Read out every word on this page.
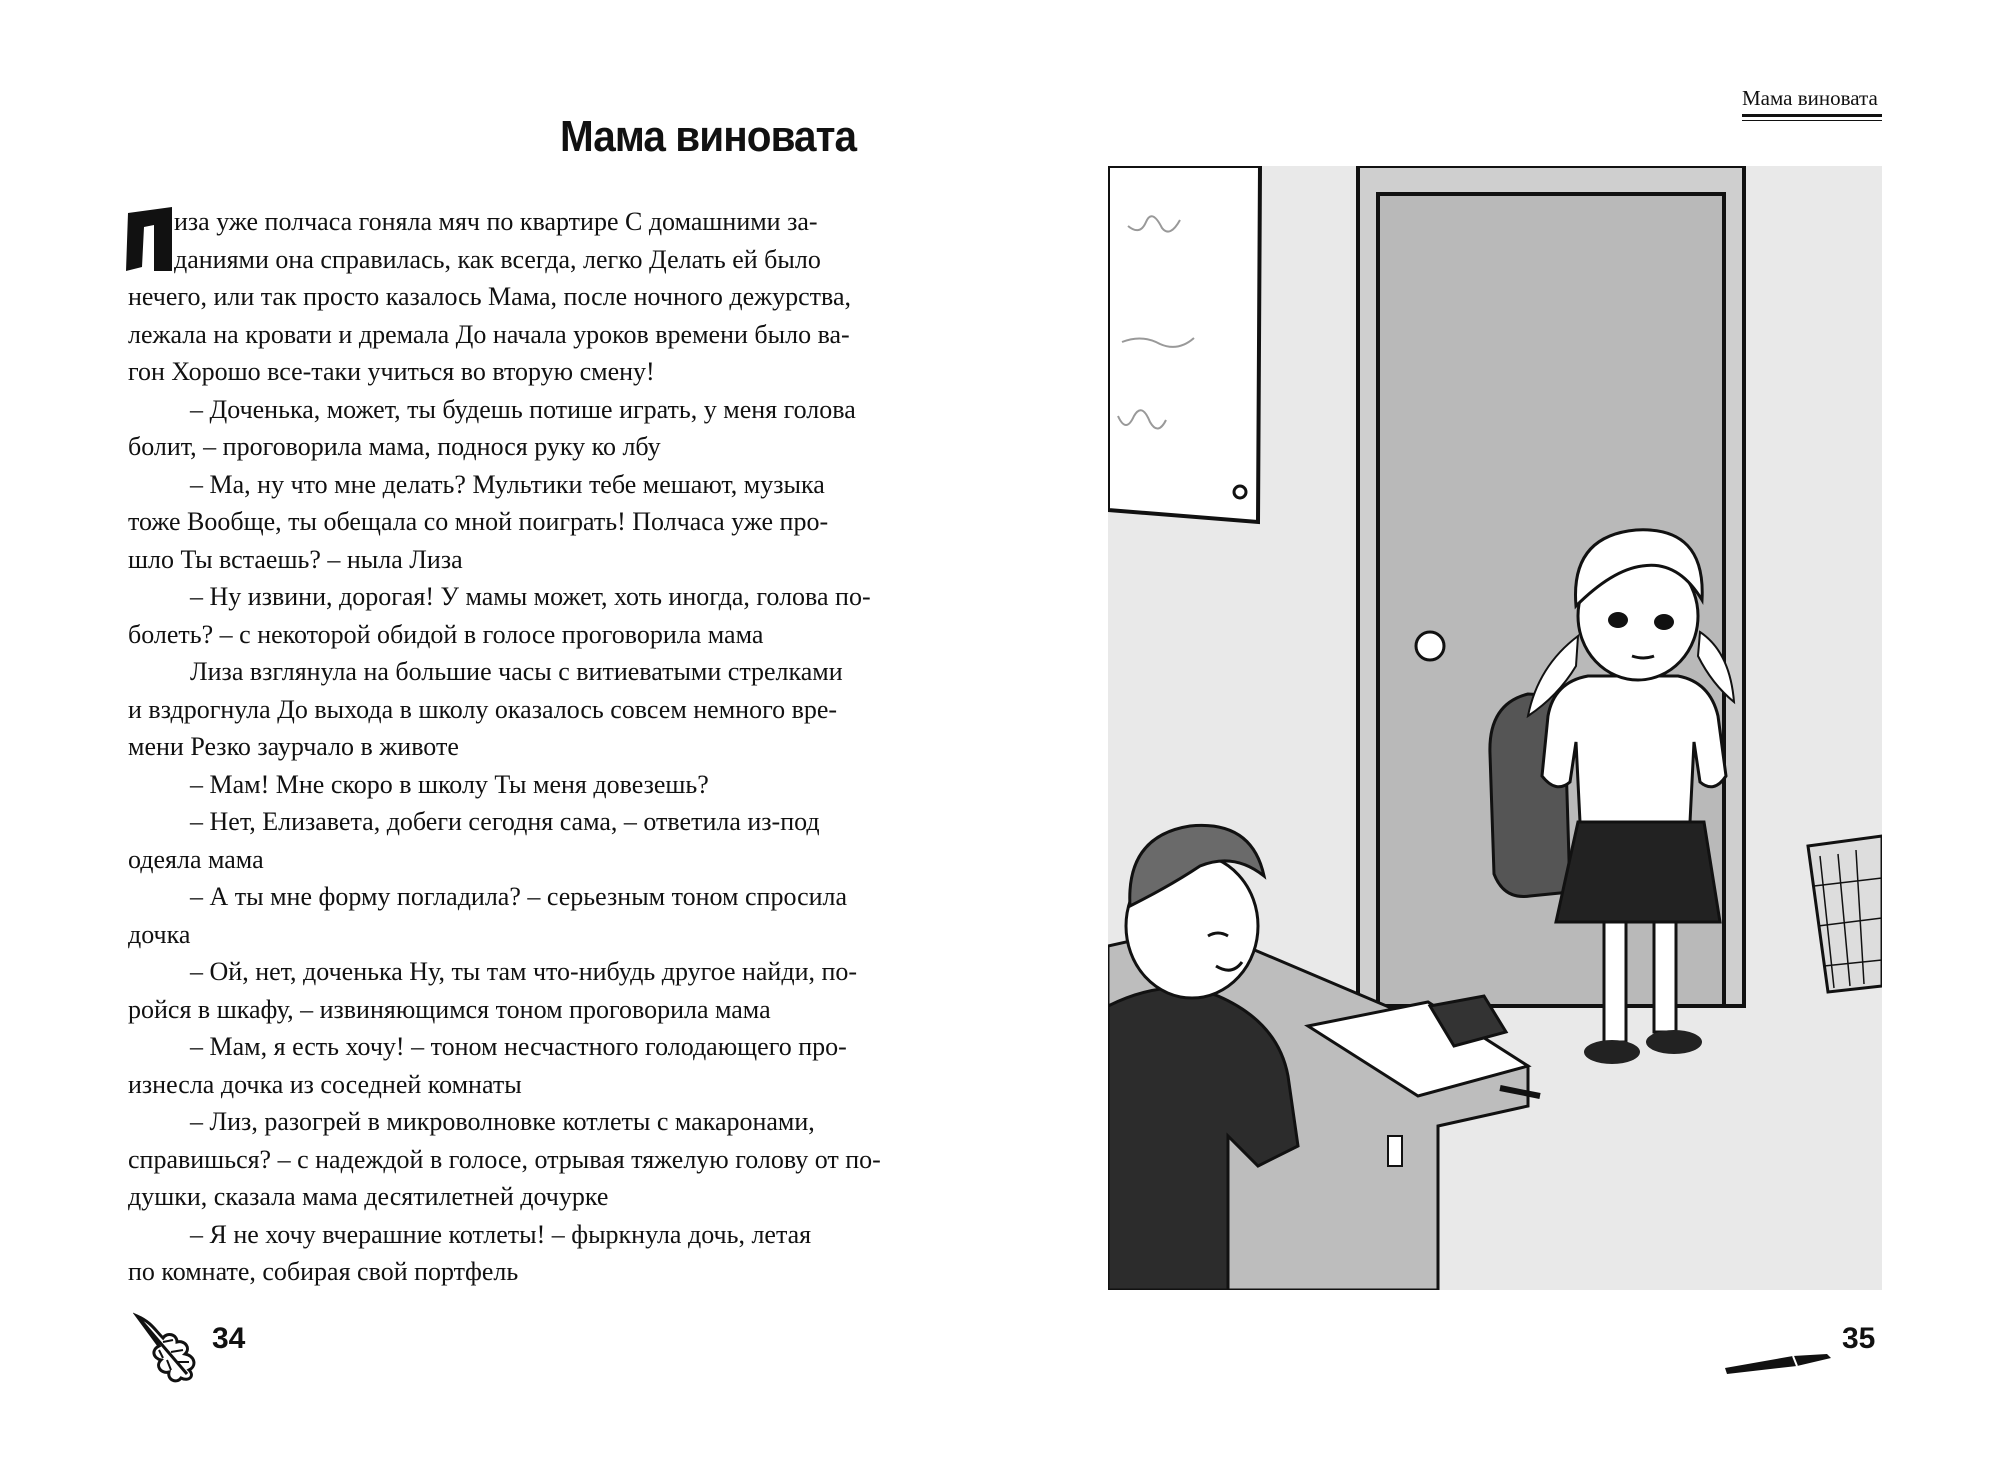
Мама виновата
иза уже полчаса гоняла мяч по квартире С домашними за-
даниями она справилась, как всегда, легко Делать ей было
нечего, или так просто казалось Мама, после ночного дежурства,
лежала на кровати и дремала До начала уроков времени было ва-
гон Хорошо все-таки учиться во вторую смену!
– Доченька, может, ты будешь потише играть, у меня голова
болит, – проговорила мама, поднося руку ко лбу
– Ма, ну что мне делать? Мультики тебе мешают, музыка
тоже Вообще, ты обещала со мной поиграть! Полчаса уже про-
шло Ты встаешь? – ныла Лиза
– Ну извини, дорогая! У мамы может, хоть иногда, голова по-
болеть? – с некоторой обидой в голосе проговорила мама
Лиза взглянула на большие часы с витиеватыми стрелками
и вздрогнула До выхода в школу оказалось совсем немного вре-
мени Резко заурчало в животе
– Мам! Мне скоро в школу Ты меня довезешь?
– Нет, Елизавета, добеги сегодня сама, – ответила из-под
одеяла мама
– А ты мне форму погладила? – серьезным тоном спросила
дочка
– Ой, нет, доченька Ну, ты там что-нибудь другое найди, по-
ройся в шкафу, – извиняющимся тоном проговорила мама
– Мам, я есть хочу! – тоном несчастного голодающего про-
изнесла дочка из соседней комнаты
– Лиз, разогрей в микроволновке котлеты с макаронами,
справишься? – с надеждой в голосе, отрывая тяжелую голову от по-
душки, сказала мама десятилетней дочурке
– Я не хочу вчерашние котлеты! – фыркнула дочь, летая
по комнате, собирая свой портфель
34
Мама виновата
35
